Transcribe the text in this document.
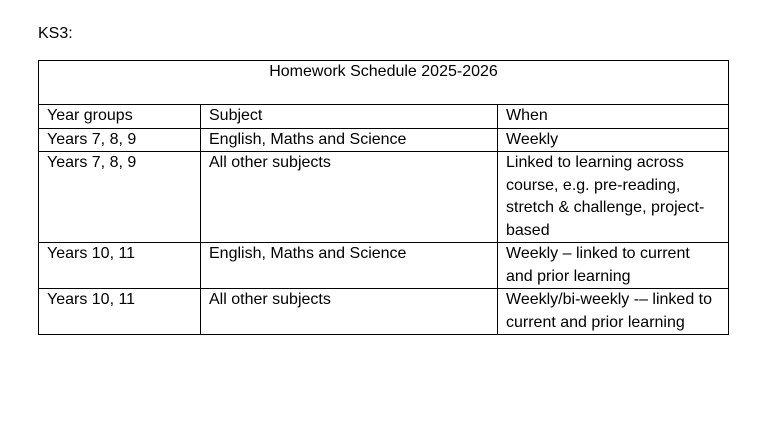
KS3:
Homework Schedule 2025-2026		
Year groups	Subject	When
Years 7, 8, 9	English, Maths and Science	Weekly
Years 7, 8, 9	All other subjects	Linked to learning across course, e.g. pre-reading, stretch & challenge, project-based
Years 10, 11	English, Maths and Science	Weekly – linked to current and prior learning
Years 10, 11	All other subjects	Weekly/bi-weekly -– linked to current and prior learning
